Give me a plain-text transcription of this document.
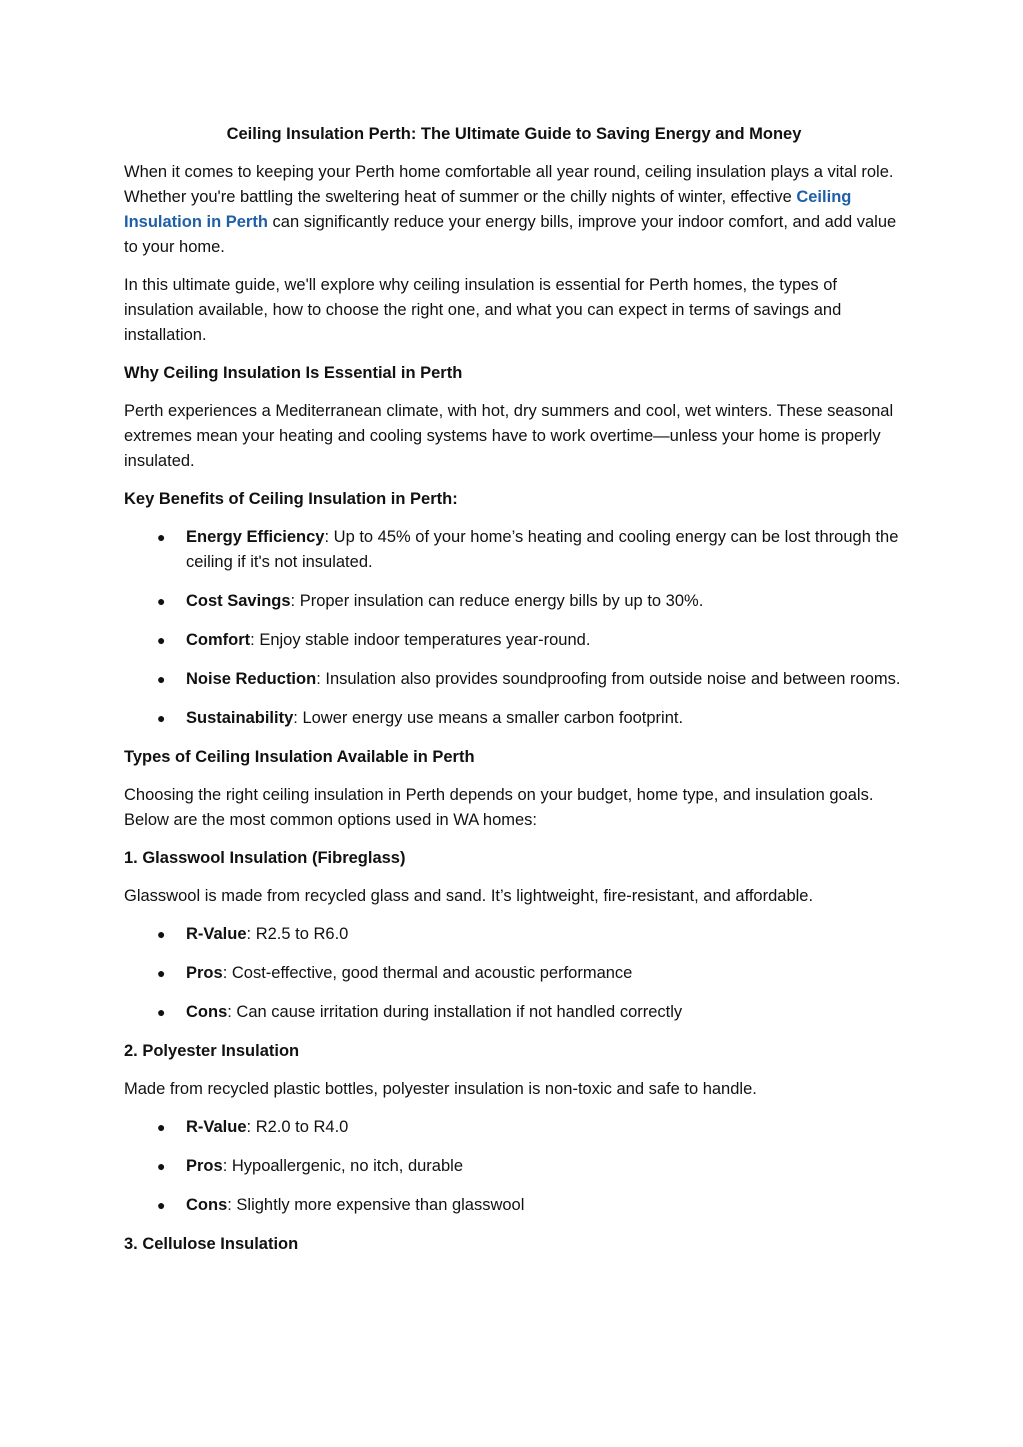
Ceiling Insulation Perth: The Ultimate Guide to Saving Energy and Money

When it comes to keeping your Perth home comfortable all year round, ceiling insulation plays a vital role. Whether you're battling the sweltering heat of summer or the chilly nights of winter, effective Ceiling Insulation in Perth can significantly reduce your energy bills, improve your indoor comfort, and add value to your home.

In this ultimate guide, we'll explore why ceiling insulation is essential for Perth homes, the types of insulation available, how to choose the right one, and what you can expect in terms of savings and installation.

Why Ceiling Insulation Is Essential in Perth

Perth experiences a Mediterranean climate, with hot, dry summers and cool, wet winters. These seasonal extremes mean your heating and cooling systems have to work overtime—unless your home is properly insulated.

Key Benefits of Ceiling Insulation in Perth:
● Energy Efficiency: Up to 45% of your home’s heating and cooling energy can be lost through the ceiling if it's not insulated.
● Cost Savings: Proper insulation can reduce energy bills by up to 30%.
● Comfort: Enjoy stable indoor temperatures year-round.
● Noise Reduction: Insulation also provides soundproofing from outside noise and between rooms.
● Sustainability: Lower energy use means a smaller carbon footprint.
Types of Ceiling Insulation Available in Perth

Choosing the right ceiling insulation in Perth depends on your budget, home type, and insulation goals. Below are the most common options used in WA homes:

1. Glasswool Insulation (Fibreglass)

Glasswool is made from recycled glass and sand. It’s lightweight, fire-resistant, and affordable.

● R-Value: R2.5 to R6.0
● Pros: Cost-effective, good thermal and acoustic performance
● Cons: Can cause irritation during installation if not handled correctly
2. Polyester Insulation

Made from recycled plastic bottles, polyester insulation is non-toxic and safe to handle.

● R-Value: R2.0 to R4.0
● Pros: Hypoallergenic, no itch, durable
● Cons: Slightly more expensive than glasswool
3. Cellulose Insulation
